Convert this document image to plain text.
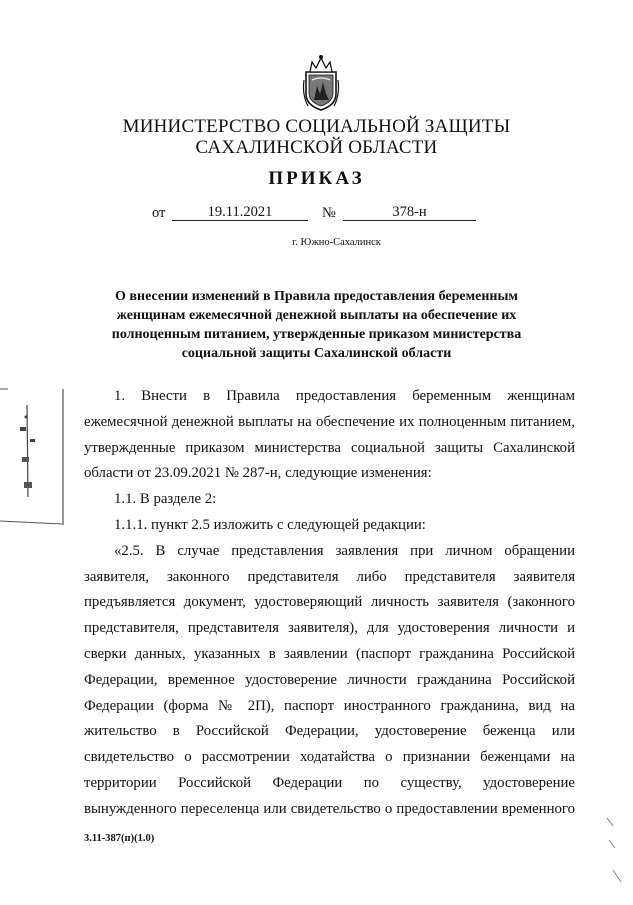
МИНИСТЕРСТВО СОЦИАЛЬНОЙ ЗАЩИТЫ
САХАЛИНСКОЙ ОБЛАСТИ
ПРИКАЗ
от	19.11.2021	№	378-н
г. Южно-Сахалинск
О внесении изменений в Правила предоставления беременным
женщинам ежемесячной денежной выплаты на обеспечение их
полноценным питанием, утвержденные приказом министерства
социальной защиты Сахалинской области

1. Внести в Правила предоставления беременным женщинам ежемесячной денежной выплаты на обеспечение их полноценным питанием, утвержденные приказом министерства социальной защиты Сахалинской области от 23.09.2021 № 287-н, следующие изменения:

1.1. В разделе 2:

1.1.1. пункт 2.5 изложить с следующей редакции:

«2.5. В случае представления заявления при личном обращении заявителя, законного представителя либо представителя заявителя предъявляется документ, удостоверяющий личность заявителя (законного представителя, представителя заявителя), для удостоверения личности и сверки данных, указанных в заявлении (паспорт гражданина Российской Федерации, временное удостоверение личности гражданина Российской Федерации (форма № 2П), паспорт иностранного гражданина, вид на жительство в Российской Федерации, удостоверение беженца или свидетельство о рассмотрении ходатайства о признании беженцами на территории Российской Федерации по существу, удостоверение вынужденного переселенца или свидетельство о предоставлении временного

3.11-387(п)(1.0)
